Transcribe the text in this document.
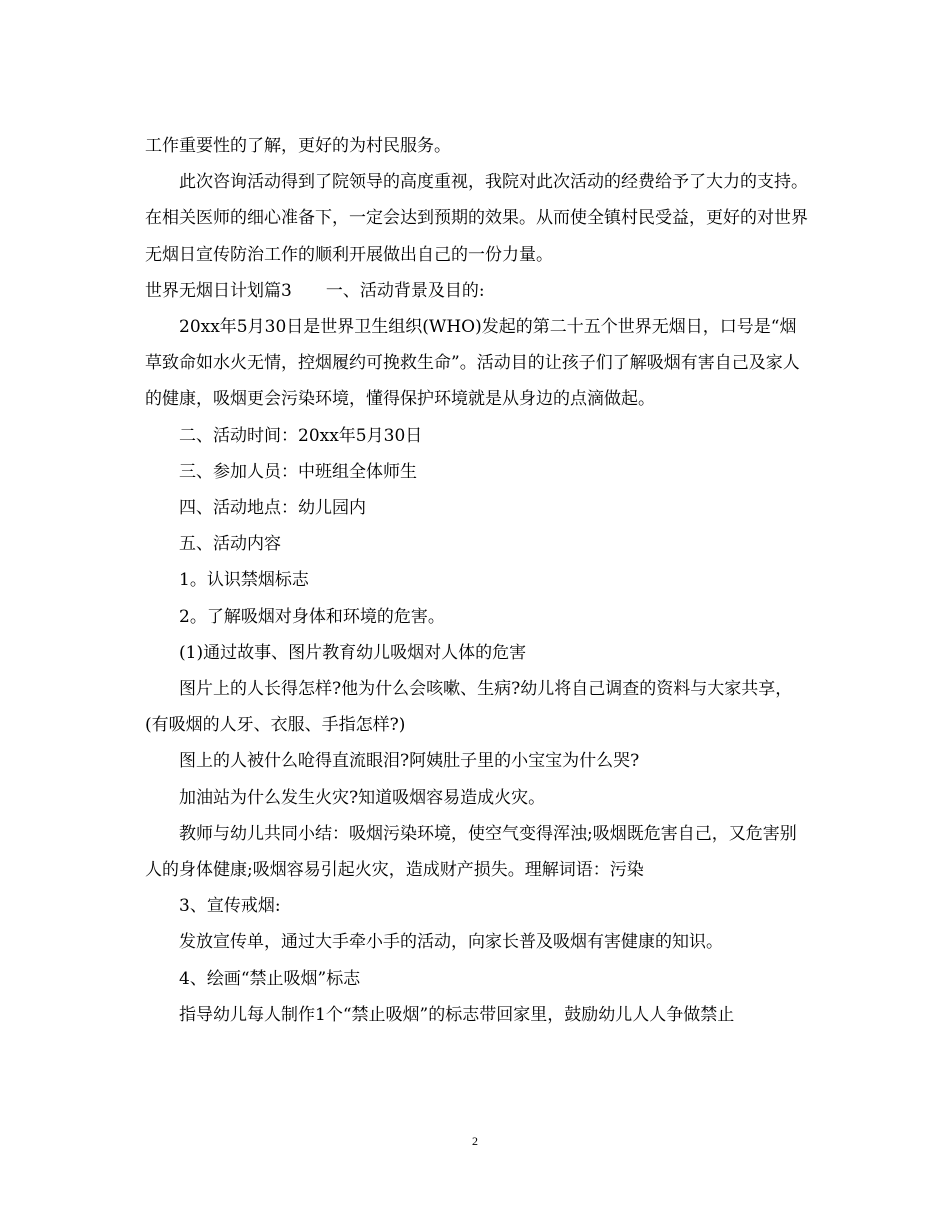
工作重要性的了解，更好的为村民服务。

此次咨询活动得到了院领导的高度重视，我院对此次活动的经费给予了大力的支持。在相关医师的细心准备下，一定会达到预期的效果。从而使全镇村民受益，更好的对世界无烟日宣传防治工作的顺利开展做出自己的一份力量。

世界无烟日计划篇3　　一、活动背景及目的:

20xx年5月30日是世界卫生组织(WHO)发起的第二十五个世界无烟日，口号是“烟草致命如水火无情，控烟履约可挽救生命”。活动目的让孩子们了解吸烟有害自己及家人的健康，吸烟更会污染环境，懂得保护环境就是从身边的点滴做起。

二、活动时间：20xx年5月30日

三、参加人员：中班组全体师生

四、活动地点：幼儿园内

五、活动内容

1。认识禁烟标志

2。了解吸烟对身体和环境的危害。

(1)通过故事、图片教育幼儿吸烟对人体的危害

图片上的人长得怎样?他为什么会咳嗽、生病?幼儿将自己调查的资料与大家共享，(有吸烟的人牙、衣服、手指怎样?)

图上的人被什么呛得直流眼泪?阿姨肚子里的小宝宝为什么哭?

加油站为什么发生火灾?知道吸烟容易造成火灾。

教师与幼儿共同小结：吸烟污染环境，使空气变得浑浊;吸烟既危害自己，又危害别人的身体健康;吸烟容易引起火灾，造成财产损失。理解词语：污染

3、宣传戒烟:

发放宣传单，通过大手牵小手的活动，向家长普及吸烟有害健康的知识。

4、绘画“禁止吸烟”标志

指导幼儿每人制作1个“禁止吸烟”的标志带回家里，鼓励幼儿人人争做禁止

2
